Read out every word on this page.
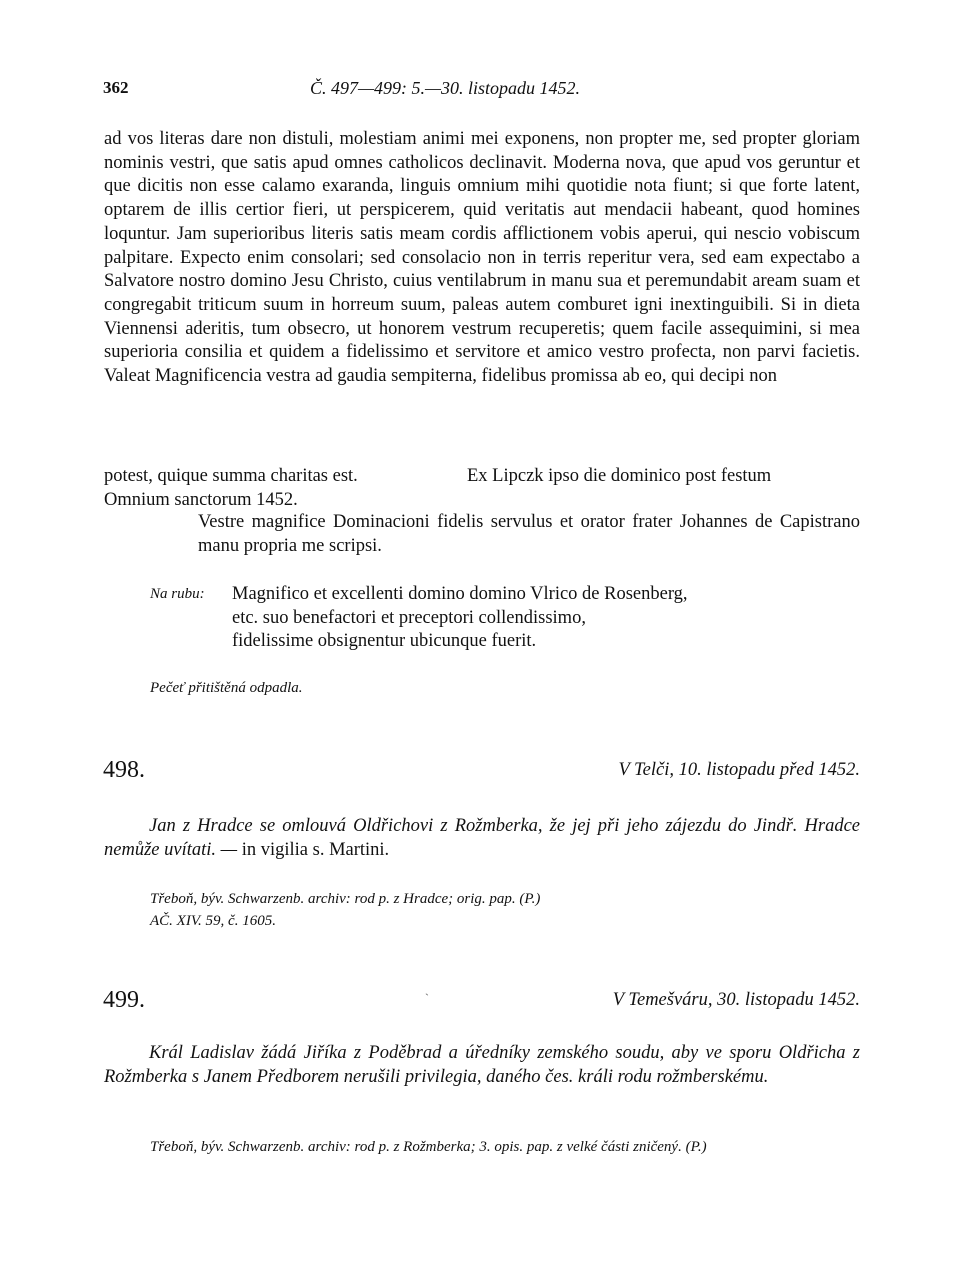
362	Č. 497—499: 5.—30. listopadu 1452.

ad vos literas dare non distuli, molestiam animi mei exponens, non propter me, sed propter gloriam nominis vestri, que satis apud omnes catholicos declinavit. Moderna nova, que apud vos geruntur et que dicitis non esse calamo exaranda, linguis omnium mihi quotidie nota fiunt; si que forte latent, optarem de illis certior fieri, ut perspicerem, quid veritatis aut mendacii habeant, quod homines loquntur. Jam superioribus literis satis meam cordis afflictionem vobis aperui, qui nescio vobiscum palpitare. Expecto enim consolari; sed consolacio non in terris reperitur vera, sed eam expectabo a Salvatore nostro domino Jesu Christo, cuius ventilabrum in manu sua et peremundabit aream suam et congregabit triticum suum in horreum suum, paleas autem comburet igni inextinguibili. Si in dieta Viennensi aderitis, tum obsecro, ut honorem vestrum recuperetis; quem facile assequimini, si mea superioria consilia et quidem a fidelissimo et servitore et amico vestro profecta, non parvi facietis. Valeat Magnificencia vestra ad gaudia sempiterna, fidelibus promissa ab eo, qui decipi non

potest, quique summa charitas est.	Ex Lipczk ipso die dominico post festum
Omnium sanctorum 1452.

Vestre magnifice Dominacioni fidelis servulus et orator frater Johannes de Capistrano manu propria me scripsi.

Na rubu: Magnifico et excellenti domino domino Vlrico de Rosenberg,
etc. suo benefactori et preceptori collendissimo,
fidelissime obsignentur ubicunque fuerit.
Pečeť přitištěná odpadla.
498.	V Telči, 10. listopadu před 1452.

Jan z Hradce se omlouvá Oldřichovi z Rožmberka, že jej při jeho zájezdu do Jindř. Hradce nemůže uvítati. — in vigilia s. Martini.

Třeboň, býv. Schwarzenb. archiv: rod p. z Hradce; orig. pap. (P.)
AČ. XIV. 59, č. 1605.
`
499.	V Temešváru, 30. listopadu 1452.

Král Ladislav žádá Jiříka z Poděbrad a úředníky zemského soudu, aby ve sporu Oldřicha z Rožmberka s Janem Předborem nerušili privilegia, daného čes. králi rodu rožmberskému.

Třeboň, býv. Schwarzenb. archiv: rod p. z Rožmberka; 3. opis. pap. z velké části zničený. (P.)
